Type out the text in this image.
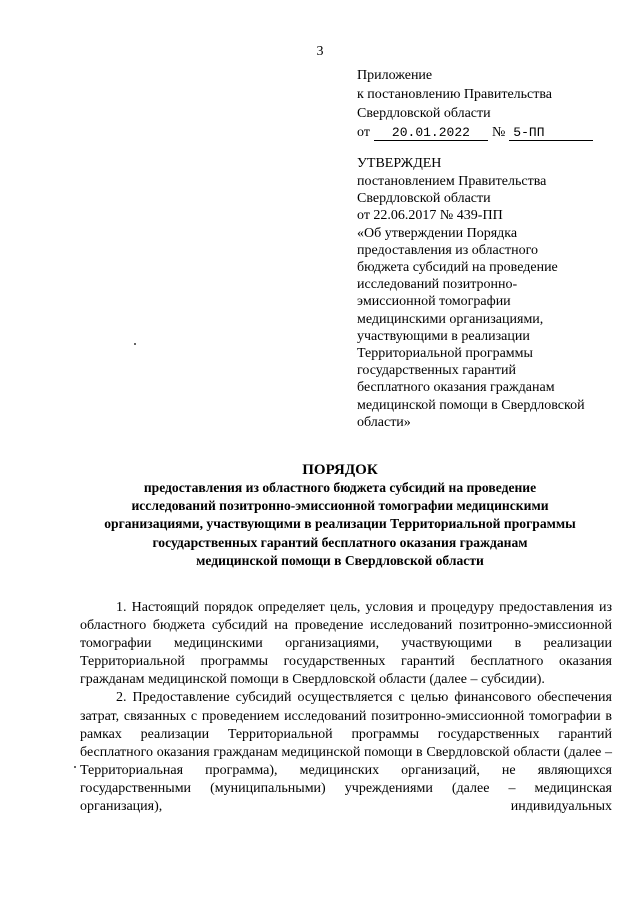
3
Приложение
к постановлению Правительства
Свердловской области
от 20.01.2022 № 5-ПП
УТВЕРЖДЕН
постановлением Правительства
Свердловской области
от 22.06.2017 № 439-ПП
«Об утверждении Порядка
предоставления из областного
бюджета субсидий на проведение
исследований позитронно-
эмиссионной томографии
медицинскими организациями,
участвующими в реализации
Территориальной программы
государственных гарантий
бесплатного оказания гражданам
медицинской помощи в Свердловской
области»
ПОРЯДОК
предоставления из областного бюджета субсидий на проведение
исследований позитронно-эмиссионной томографии медицинскими
организациями, участвующими в реализации Территориальной программы
государственных гарантий бесплатного оказания гражданам
медицинской помощи в Свердловской области

1. Настоящий порядок определяет цель, условия и процедуру предоставления из областного бюджета субсидий на проведение исследований позитронно-эмиссионной томографии медицинскими организациями, участвующими в реализации Территориальной программы государственных гарантий бесплатного оказания гражданам медицинской помощи в Свердловской области (далее – субсидии).

2. Предоставление субсидий осуществляется с целью финансового обеспечения затрат, связанных с проведением исследований позитронно-эмиссионной томографии в рамках реализации Территориальной программы государственных гарантий бесплатного оказания гражданам медицинской помощи в Свердловской области (далее – Территориальная программа), медицинских организаций, не являющихся государственными (муниципальными) учреждениями (далее – медицинская организация), индивидуальных
